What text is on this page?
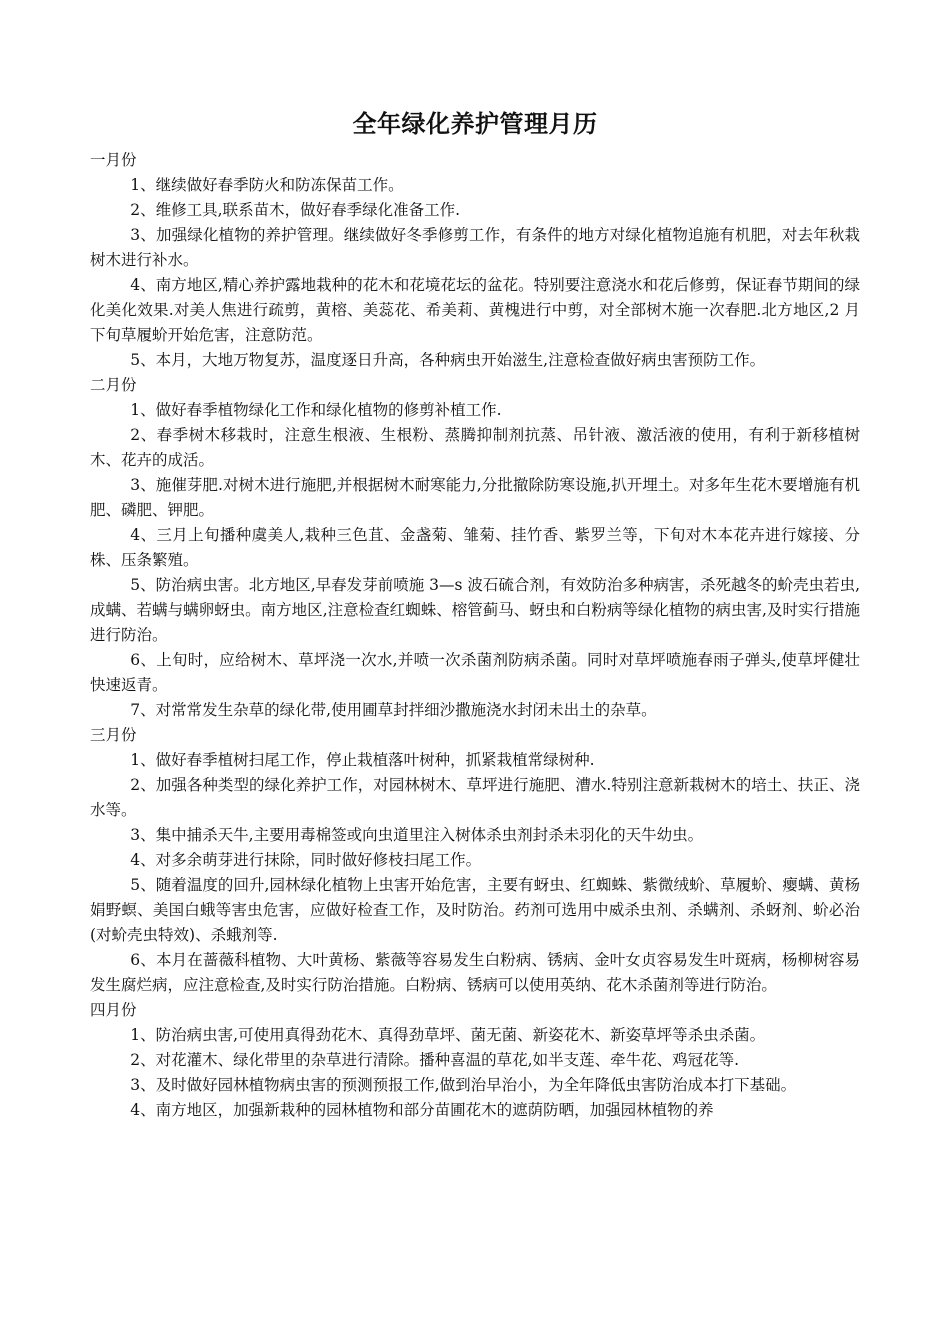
全年绿化养护管理月历

一月份

1、继续做好春季防火和防冻保苗工作。

2、维修工具,联系苗木，做好春季绿化准备工作.

3、加强绿化植物的养护管理。继续做好冬季修剪工作，有条件的地方对绿化植物追施有机肥，对去年秋栽树木进行补水。

4、南方地区,精心养护露地栽种的花木和花境花坛的盆花。特别要注意浇水和花后修剪，保证春节期间的绿化美化效果.对美人焦进行疏剪，黄榕、美蕊花、希美莉、黄槐进行中剪，对全部树木施一次春肥.北方地区,2 月下旬草履蚧开始危害，注意防范。

5、本月，大地万物复苏，温度逐日升高，各种病虫开始滋生,注意检查做好病虫害预防工作。

二月份

1、做好春季植物绿化工作和绿化植物的修剪补植工作.

2、春季树木移栽时，注意生根液、生根粉、蒸腾抑制剂抗蒸、吊针液、激活液的使用，有利于新移植树木、花卉的成活。

3、施催芽肥.对树木进行施肥,并根据树木耐寒能力,分批撤除防寒设施,扒开埋土。对多年生花木要增施有机肥、磷肥、钾肥。

4、三月上旬播种虞美人,栽种三色苴、金盏菊、雏菊、挂竹香、紫罗兰等，下旬对木本花卉进行嫁接、分株、压条繁殖。

5、防治病虫害。北方地区,早春发芽前喷施 3—s 波石硫合剂，有效防治多种病害，杀死越冬的蚧壳虫若虫,成螨、若螨与螨卵蚜虫。南方地区,注意检查红蜘蛛、榕管蓟马、蚜虫和白粉病等绿化植物的病虫害,及时实行措施进行防治。

6、上旬时，应给树木、草坪浇一次水,并喷一次杀菌剂防病杀菌。同时对草坪喷施春雨子弹头,使草坪健壮快速返青。

7、对常常发生杂草的绿化带,使用圃草封拌细沙撒施浇水封闭未出土的杂草。

三月份

1、做好春季植树扫尾工作，停止栽植落叶树种，抓紧栽植常绿树种.

2、加强各种类型的绿化养护工作，对园林树木、草坪进行施肥、漕水.特别注意新栽树木的培土、扶正、浇水等。

3、集中捕杀天牛,主要用毒棉签或向虫道里注入树体杀虫剂封杀未羽化的天牛幼虫。

4、对多余萌芽进行抹除，同时做好修枝扫尾工作。

5、随着温度的回升,园林绿化植物上虫害开始危害，主要有蚜虫、红蜘蛛、紫微绒蚧、草履蚧、瘿螨、黄杨娟野螟、美国白蛾等害虫危害，应做好检查工作，及时防治。药剂可选用中威杀虫剂、杀螨剂、杀蚜剂、蚧必治(对蚧壳虫特效)、杀蛾剂等.

6、本月在蔷薇科植物、大叶黄杨、紫薇等容易发生白粉病、锈病、金叶女贞容易发生叶斑病，杨柳树容易发生腐烂病，应注意检查,及时实行防治措施。白粉病、锈病可以使用英纳、花木杀菌剂等进行防治。

四月份

1、防治病虫害,可使用真得劲花木、真得劲草坪、菌无菌、新姿花木、新姿草坪等杀虫杀菌。

2、对花灌木、绿化带里的杂草进行清除。播种喜温的草花,如半支莲、牵牛花、鸡冠花等.

3、及时做好园林植物病虫害的预测预报工作,做到治早治小，为全年降低虫害防治成本打下基础。

4、南方地区，加强新栽种的园林植物和部分苗圃花木的遮荫防晒，加强园林植物的养
